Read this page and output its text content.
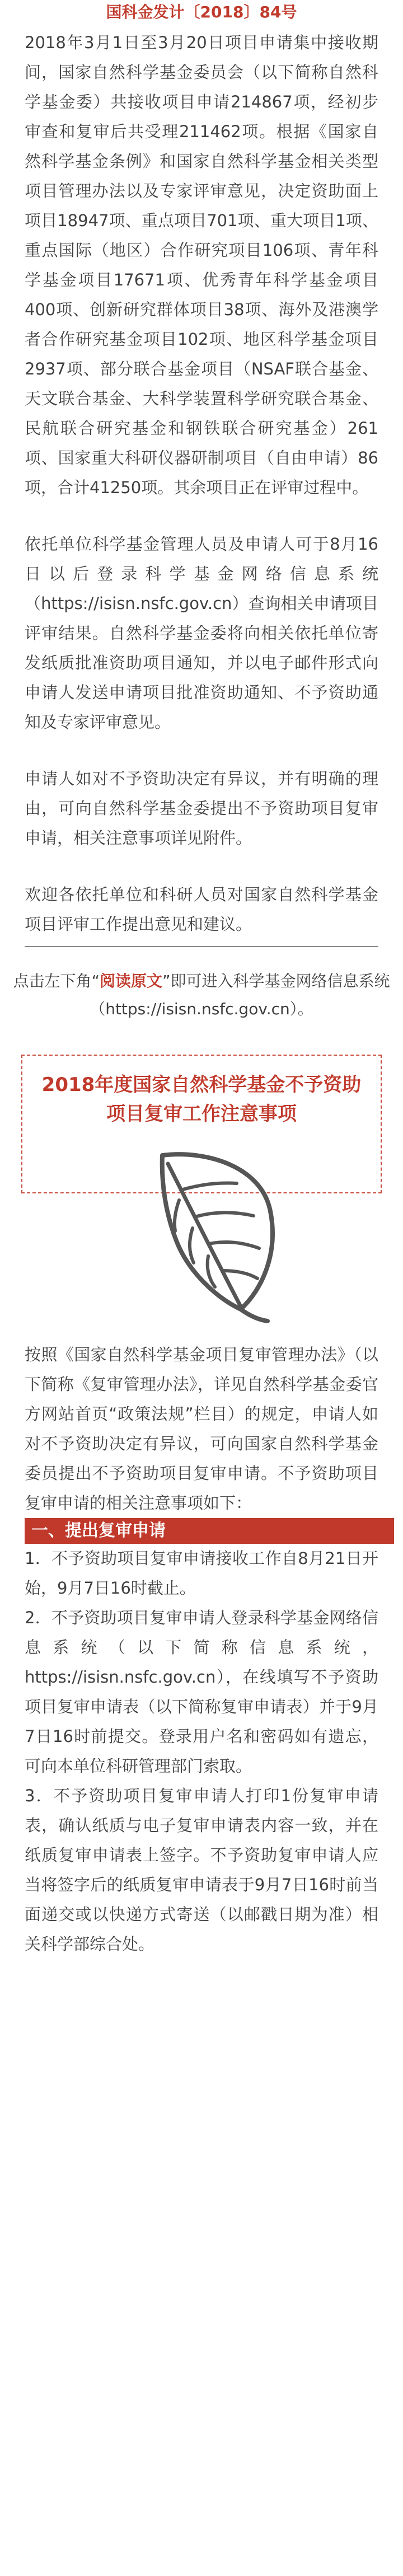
国科金发计〔2018〕84号
2018年3月1日至3月20日项目申请集中接收期间，国家自然科学基金委员会（以下简称自然科学基金委）共接收项目申请214867项，经初步审查和复审后共受理211462项。根据《国家自然科学基金条例》和国家自然科学基金相关类型项目管理办法以及专家评审意见，决定资助面上项目18947项、重点项目701项、重大项目1项、重点国际（地区）合作研究项目106项、青年科学基金项目17671项、优秀青年科学基金项目400项、创新研究群体项目38项、海外及港澳学者合作研究基金项目102项、地区科学基金项目2937项、部分联合基金项目（NSAF联合基金、天文联合基金、大科学装置科学研究联合基金、民航联合研究基金和钢铁联合研究基金）261项、国家重大科研仪器研制项目（自由申请）86项，合计41250项。其余项目正在评审过程中。
依托单位科学基金管理人员及申请人可于8月16日以后登录科学基金网络信息系统（https://isisn.nsfc.gov.cn）查询相关申请项目评审结果。自然科学基金委将向相关依托单位寄发纸质批准资助项目通知，并以电子邮件形式向申请人发送申请项目批准资助通知、不予资助通知及专家评审意见。
申请人如对不予资助决定有异议，并有明确的理由，可向自然科学基金委提出不予资助项目复审申请，相关注意事项详见附件。
欢迎各依托单位和科研人员对国家自然科学基金项目评审工作提出意见和建议。
点击左下角“阅读原文”即可进入科学基金网络信息系统
（https://isisn.nsfc.gov.cn）。
2018年度国家自然科学基金不予资助项目复审工作注意事项
按照《国家自然科学基金项目复审管理办法》（以下简称《复审管理办法》，详见自然科学基金委官方网站首页“政策法规”栏目）的规定，申请人如对不予资助决定有异议，可向国家自然科学基金委员提出不予资助项目复审申请。不予资助项目复审申请的相关注意事项如下：
一、提出复审申请
1．不予资助项目复审申请接收工作自8月21日开始，9月7日16时截止。
2．不予资助项目复审申请人登录科学基金网络信息系统（以下简称信息系统，https://isisn.nsfc.gov.cn），在线填写不予资助项目复审申请表（以下简称复审申请表）并于9月7日16时前提交。登录用户名和密码如有遗忘，可向本单位科研管理部门索取。
3．不予资助项目复审申请人打印1份复审申请表，确认纸质与电子复审申请表内容一致，并在纸质复审申请表上签字。不予资助复审申请人应当将签字后的纸质复审申请表于9月7日16时前当面递交或以快递方式寄送（以邮戳日期为准）相关科学部综合处。
